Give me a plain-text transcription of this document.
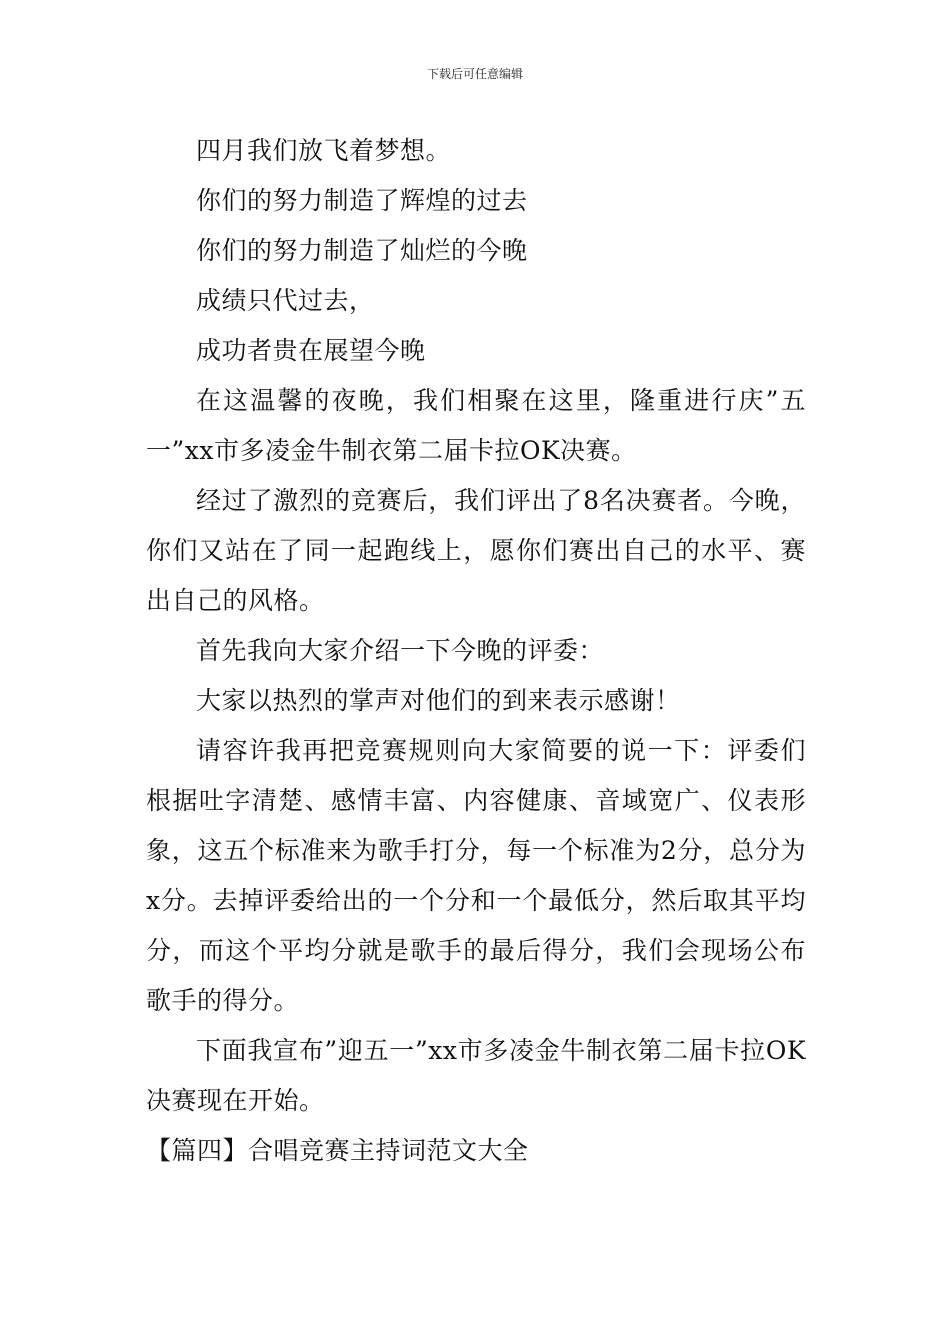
下载后可任意编辑

四月我们放飞着梦想。

你们的努力制造了辉煌的过去

你们的努力制造了灿烂的今晚

成绩只代过去，

成功者贵在展望今晚

在这温馨的夜晚，我们相聚在这里，隆重进行庆”五一”xx市多凌金牛制衣第二届卡拉OK决赛。

经过了激烈的竞赛后，我们评出了8名决赛者。今晚，你们又站在了同一起跑线上，愿你们赛出自己的水平、赛出自己的风格。

首先我向大家介绍一下今晚的评委：

大家以热烈的掌声对他们的到来表示感谢！

请容许我再把竞赛规则向大家简要的说一下：评委们根据吐字清楚、感情丰富、内容健康、音域宽广、仪表形象，这五个标准来为歌手打分，每一个标准为2分，总分为x分。去掉评委给出的一个分和一个最低分，然后取其平均分，而这个平均分就是歌手的最后得分，我们会现场公布歌手的得分。

下面我宣布”迎五一”xx市多凌金牛制衣第二届卡拉OK决赛现在开始。

【篇四】合唱竞赛主持词范文大全
